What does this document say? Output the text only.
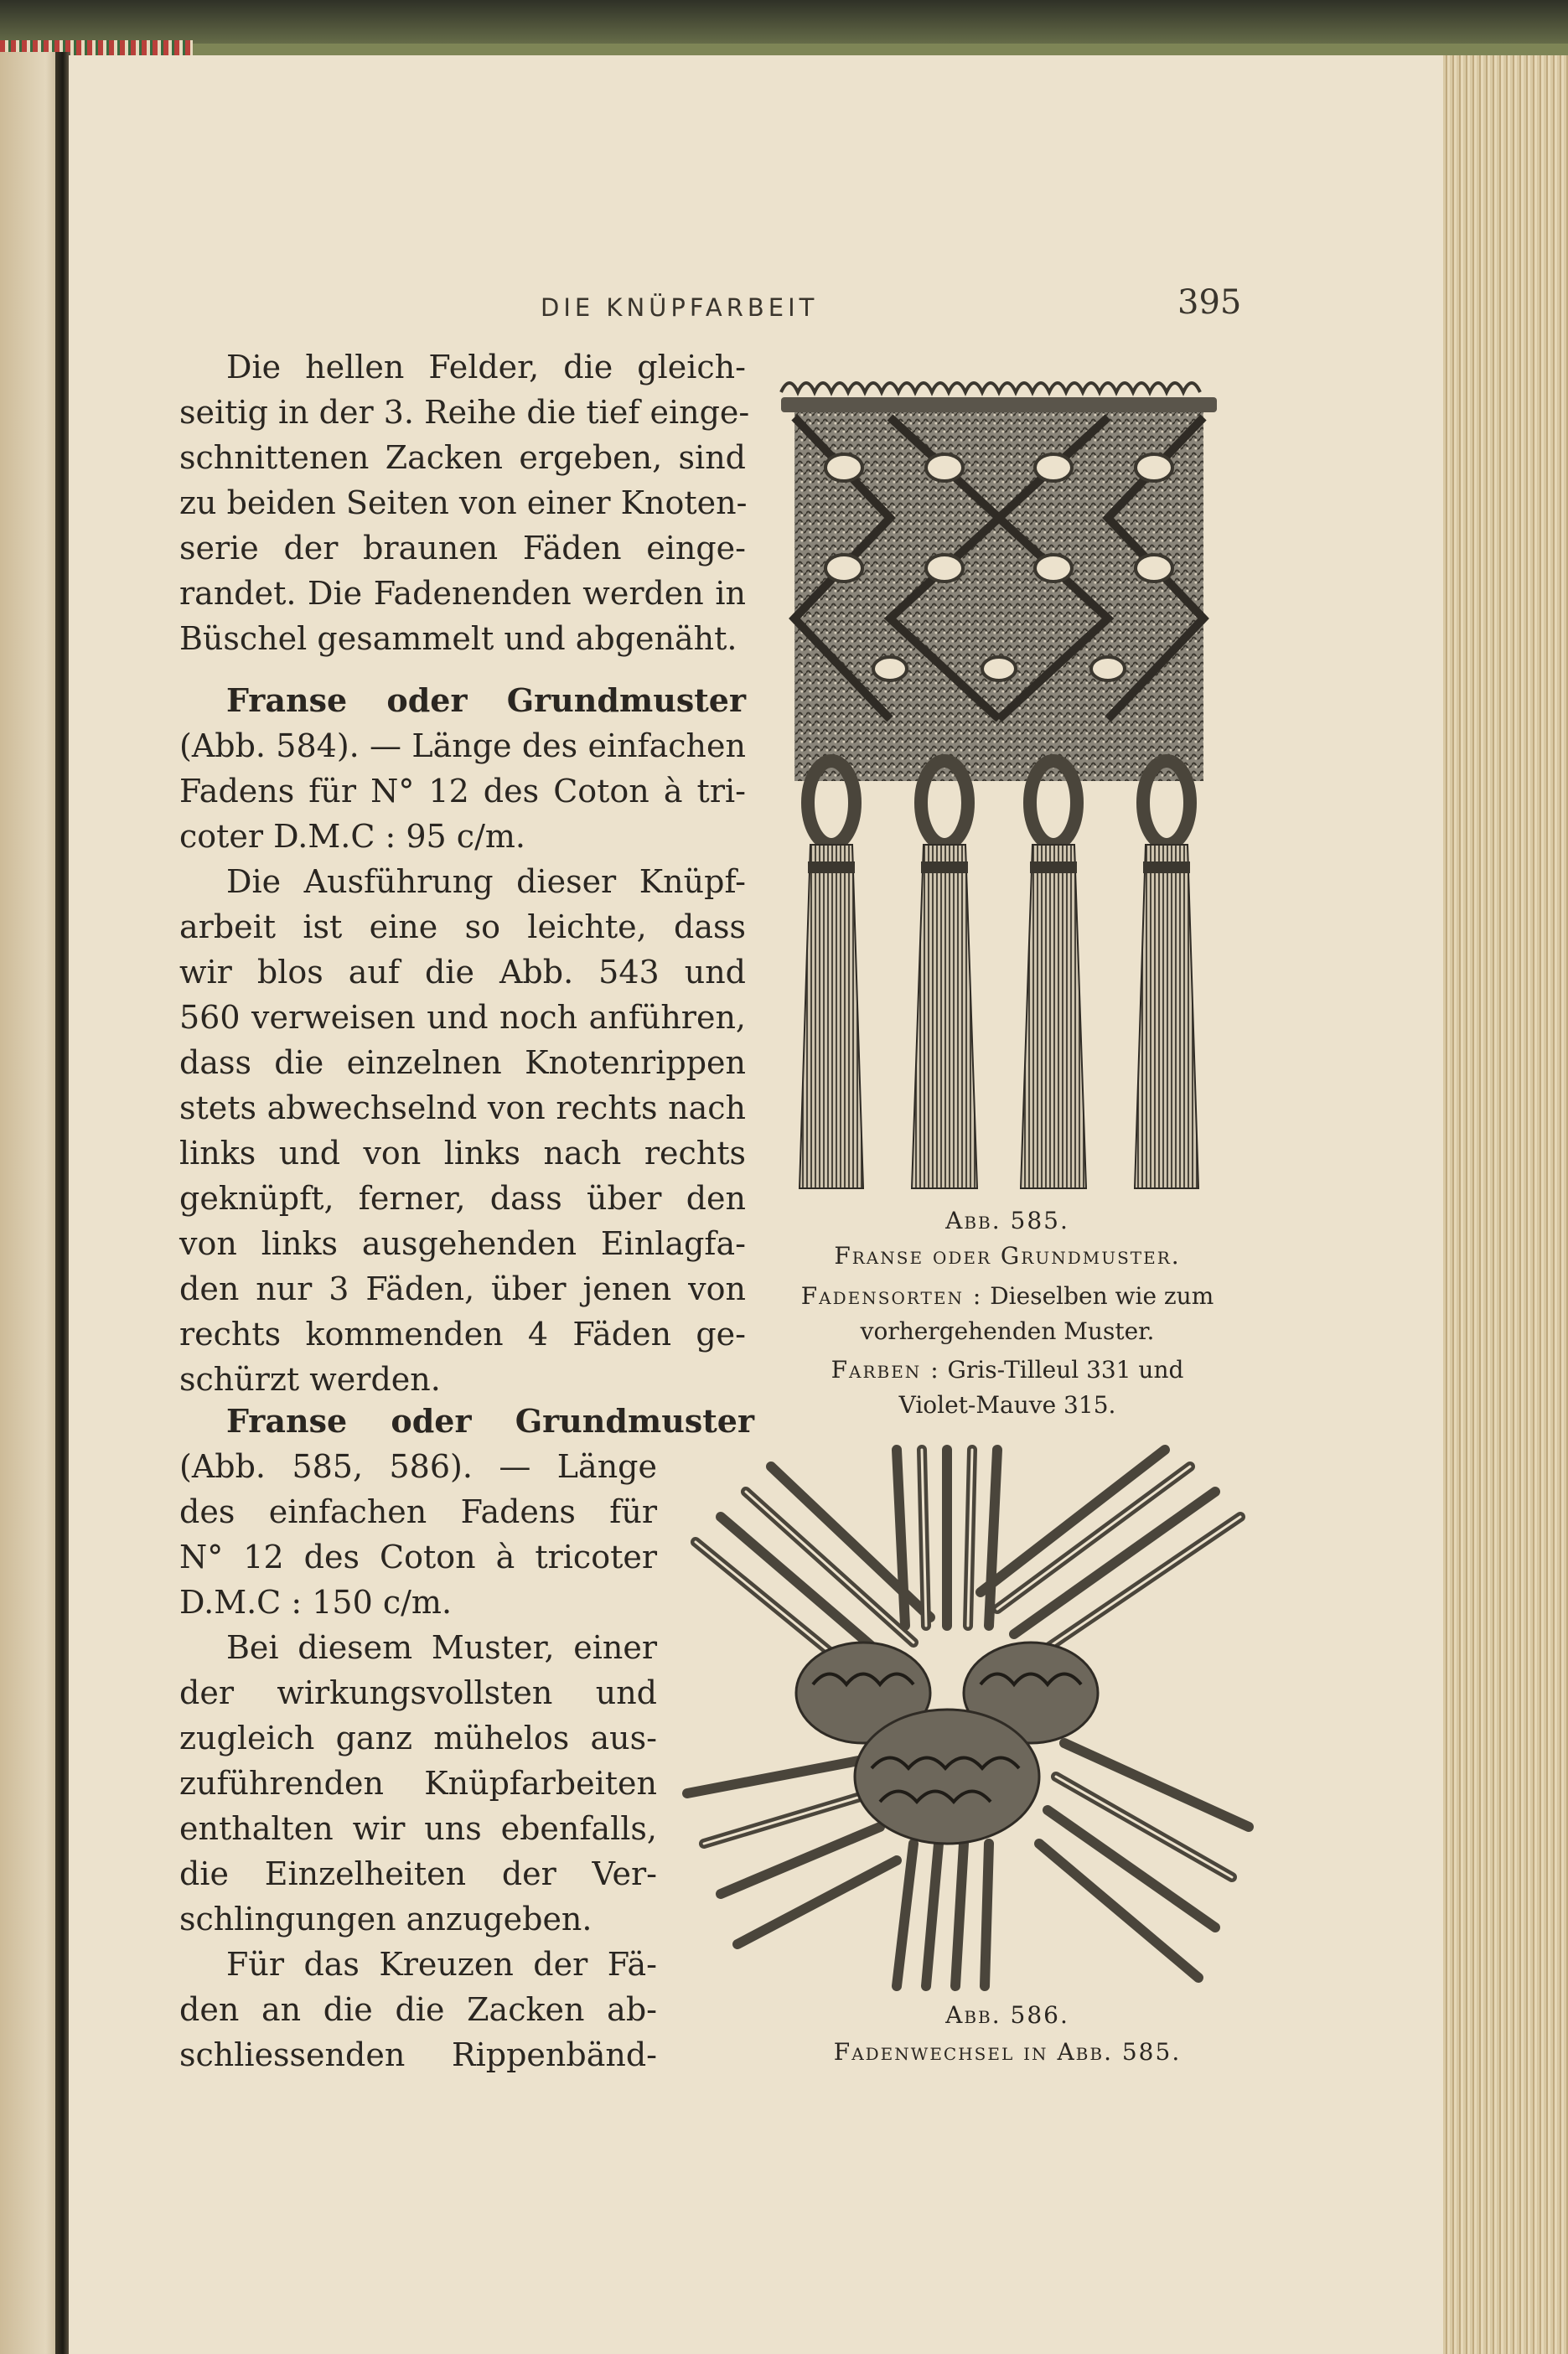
DIE KNÜPFARBEIT	395

Die hellen Felder, die gleich-
seitig in der 3. Reihe die tief einge-
schnittenen Zacken ergeben, sind
zu beiden Seiten von einer Knoten-
serie der braunen Fäden einge-
randet. Die Fadenenden werden in
Büschel gesammelt und abgenäht.
Franse oder Grundmuster
(Abb. 584). — Länge des einfachen
Fadens für N° 12 des Coton à tri-
coter D.M.C : 95 c/m.
Die Ausführung dieser Knüpf-
arbeit ist eine so leichte, dass
wir blos auf die Abb. 543 und
560 verweisen und noch anführen,
dass die einzelnen Knotenrippen
stets abwechselnd von rechts nach
links und von links nach rechts
geknüpft, ferner, dass über den
von links ausgehenden Einlagfa-
den nur 3 Fäden, über jenen von
rechts kommenden 4 Fäden ge-
schürzt werden.
Franse oder Grundmuster
(Abb. 585, 586). — Länge
des einfachen Fadens für
N° 12 des Coton à tricoter
D.M.C : 150 c/m.
Bei diesem Muster, einer
der wirkungsvollsten und
zugleich ganz mühelos aus-
zuführenden Knüpfarbeiten
enthalten wir uns ebenfalls,
die Einzelheiten der Ver-
schlingungen anzugeben.
Für das Kreuzen der Fä-
den an die die Zacken ab-
schliessenden Rippenbänd-
Abb. 585.
Franse oder Grundmuster.
Fadensorten : Dieselben wie zum
vorhergehenden Muster.
Farben : Gris-Tilleul 331 und
Violet-Mauve 315.
Abb. 586.
Fadenwechsel in Abb. 585.
